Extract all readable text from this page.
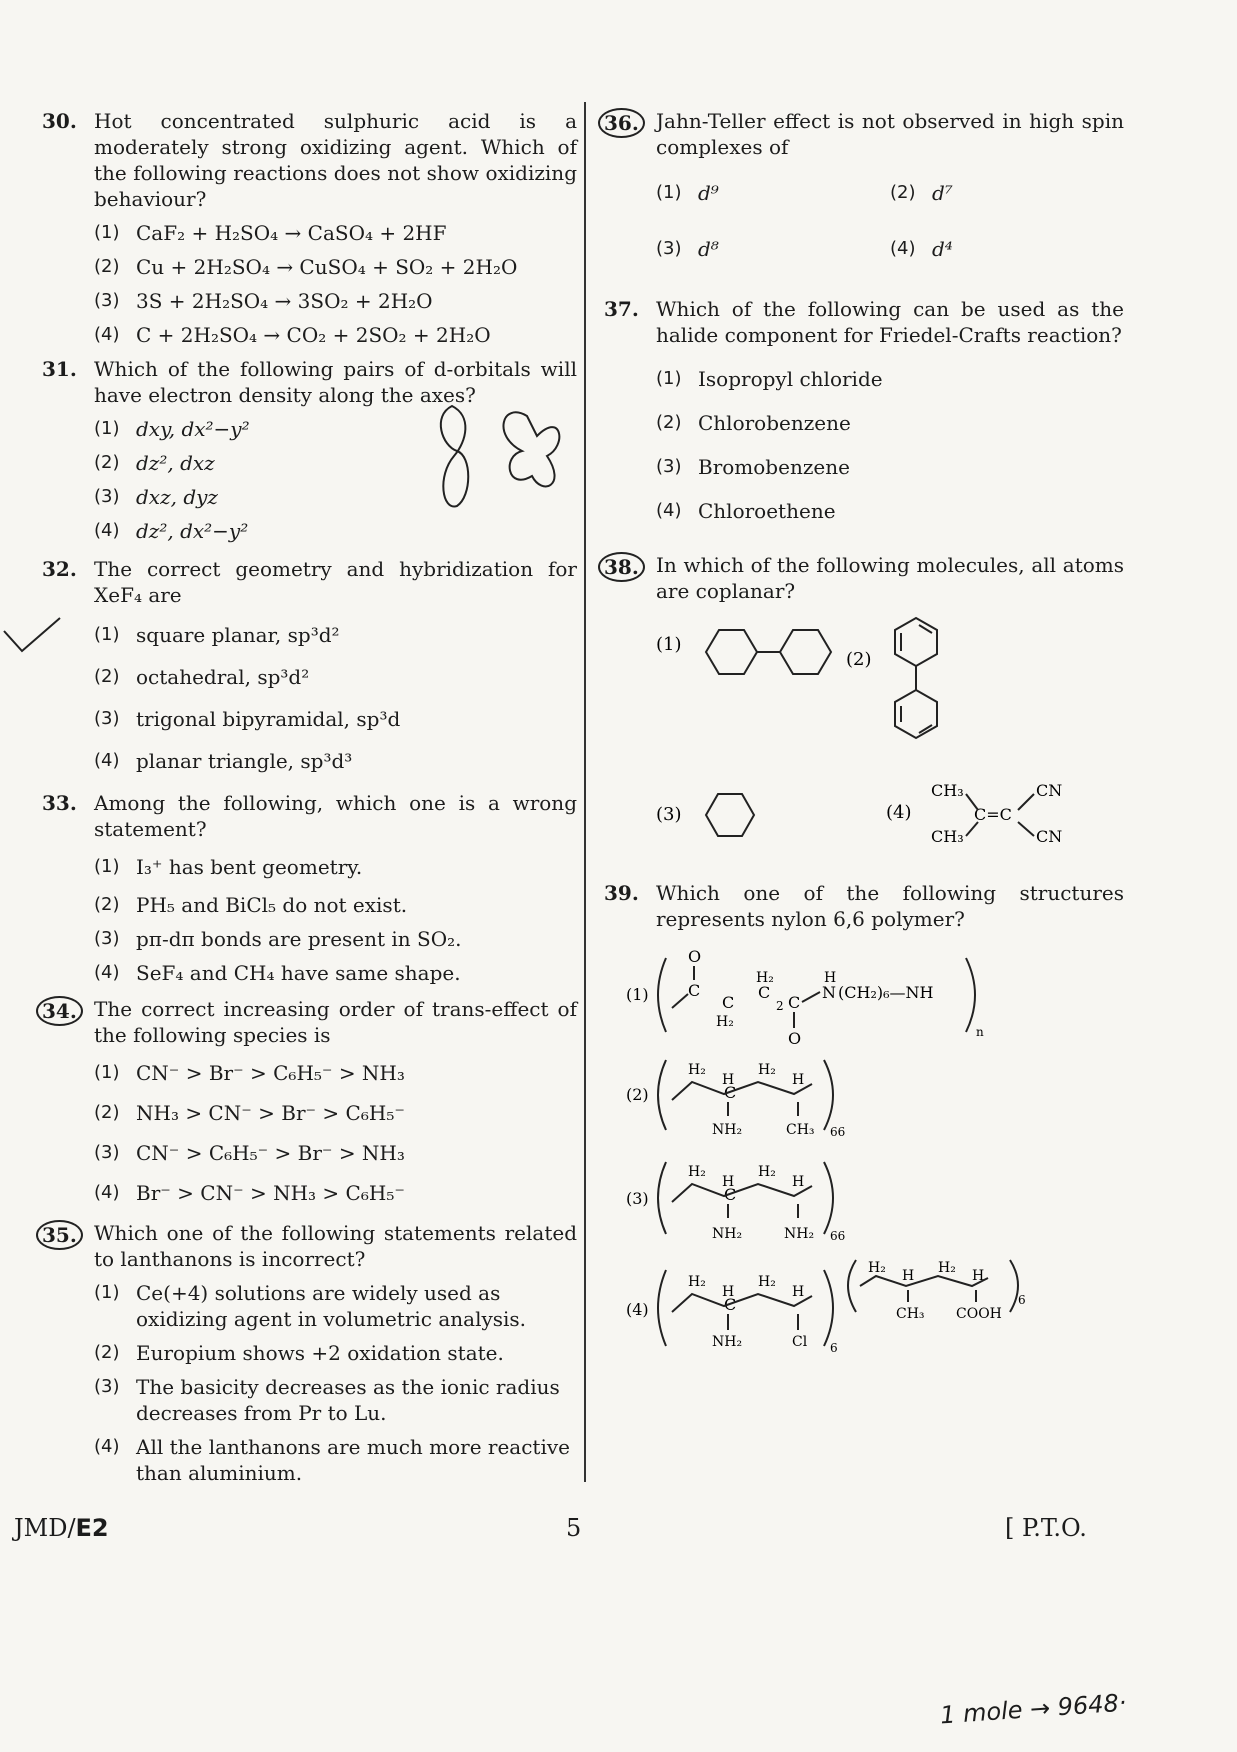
30. Hot concentrated sulphuric acid is a moderately strong oxidizing agent. Which of the following reactions does not show oxidizing behaviour?
(1) CaF₂ + H₂SO₄ → CaSO₄ + 2HF
(2) Cu + 2H₂SO₄ → CuSO₄ + SO₂ + 2H₂O
(3) 3S + 2H₂SO₄ → 3SO₂ + 2H₂O
(4) C + 2H₂SO₄ → CO₂ + 2SO₂ + 2H₂O
31. Which of the following pairs of d-orbitals will have electron density along the axes?
(1) dxy, dx²−y²
(2) dz², dxz
(3) dxz, dyz
(4) dz², dx²−y²
32. The correct geometry and hybridization for XeF₄ are
(1) square planar, sp³d²
(2) octahedral, sp³d²
(3) trigonal bipyramidal, sp³d
(4) planar triangle, sp³d³
33. Among the following, which one is a wrong statement?
(1) I₃⁺ has bent geometry.
(2) PH₅ and BiCl₅ do not exist.
(3) pπ-dπ bonds are present in SO₂.
(4) SeF₄ and CH₄ have same shape.
34. The correct increasing order of trans-effect of the following species is
(1) CN⁻ > Br⁻ > C₆H₅⁻ > NH₃
(2) NH₃ > CN⁻ > Br⁻ > C₆H₅⁻
(3) CN⁻ > C₆H₅⁻ > Br⁻ > NH₃
(4) Br⁻ > CN⁻ > NH₃ > C₆H₅⁻
35. Which one of the following statements related to lanthanons is incorrect?
(1) Ce(+4) solutions are widely used as oxidizing agent in volumetric analysis.
(2) Europium shows +2 oxidation state.
(3) The basicity decreases as the ionic radius decreases from Pr to Lu.
(4) All the lanthanons are much more reactive than aluminium.
36. Jahn-Teller effect is not observed in high spin complexes of
(1) d⁹	(2) d⁷
(3) d⁸	(4) d⁴
37. Which of the following can be used as the halide component for Friedel-Crafts reaction?
(1) Isopropyl chloride
(2) Chlorobenzene
(3) Bromobenzene
(4) Chloroethene
38. In which of the following molecules, all atoms are coplanar?
(1)
(2)
(3)	(4)
CH₃
CH₃
C=C
CN
CN
39. Which one of the following structures represents nylon 6,6 polymer?
(1)
O
C
C
H₂
H₂
C
2 C
O
H
N (CH₂)₆—NH
n
(2)
H₂
H
H₂
H
C
NH₂	CH₃ 66
(3)
H₂
H
H₂
H
C
NH₂	NH₂ 66
(4)
H₂
H
H₂
H
C
NH₂	Cl 6
H₂ H H₂ H
CH₃ COOH
6
JMD/E2	5	[ P.T.O.
1 mole → 9648·
